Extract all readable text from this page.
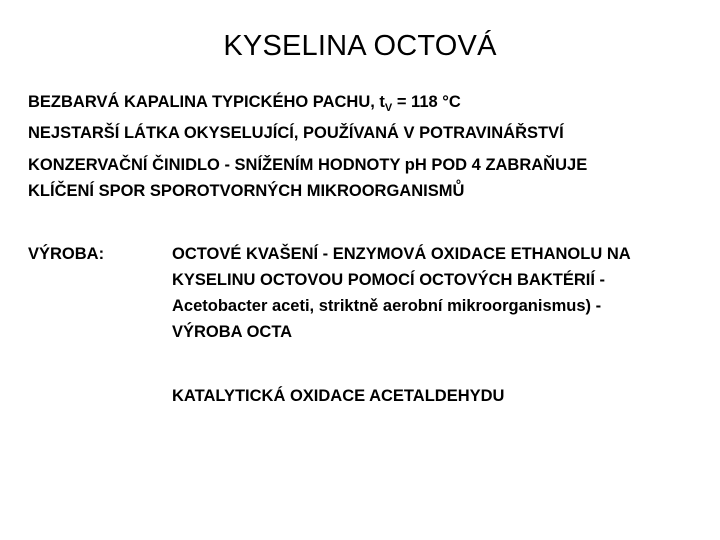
KYSELINA OCTOVÁ
BEZBARVÁ KAPALINA TYPICKÉHO PACHU, $t_V = 118$ °C
NEJSTARŠÍ LÁTKA OKYSELUJÍCÍ, POUŽÍVANÁ V POTRAVINÁŘSTVÍ
KONZERVAČNÍ ČINIDLO - SNÍŽENÍM HODNOTY pH POD 4 ZABRAŇUJE
KLÍČENÍ SPOR SPOROTVORNÝCH MIKROORGANISMŮ
VÝROBA:	OCTOVÉ KVAŠENÍ - ENZYMOVÁ OXIDACE ETHANOLU NA
KYSELINU OCTOVOU POMOCÍ OCTOVÝCH BAKTÉRIÍ -
Acetobacter aceti, striktně aerobní mikroorganismus) -
VÝROBA OCTA
KATALYTICKÁ OXIDACE ACETALDEHYDU
